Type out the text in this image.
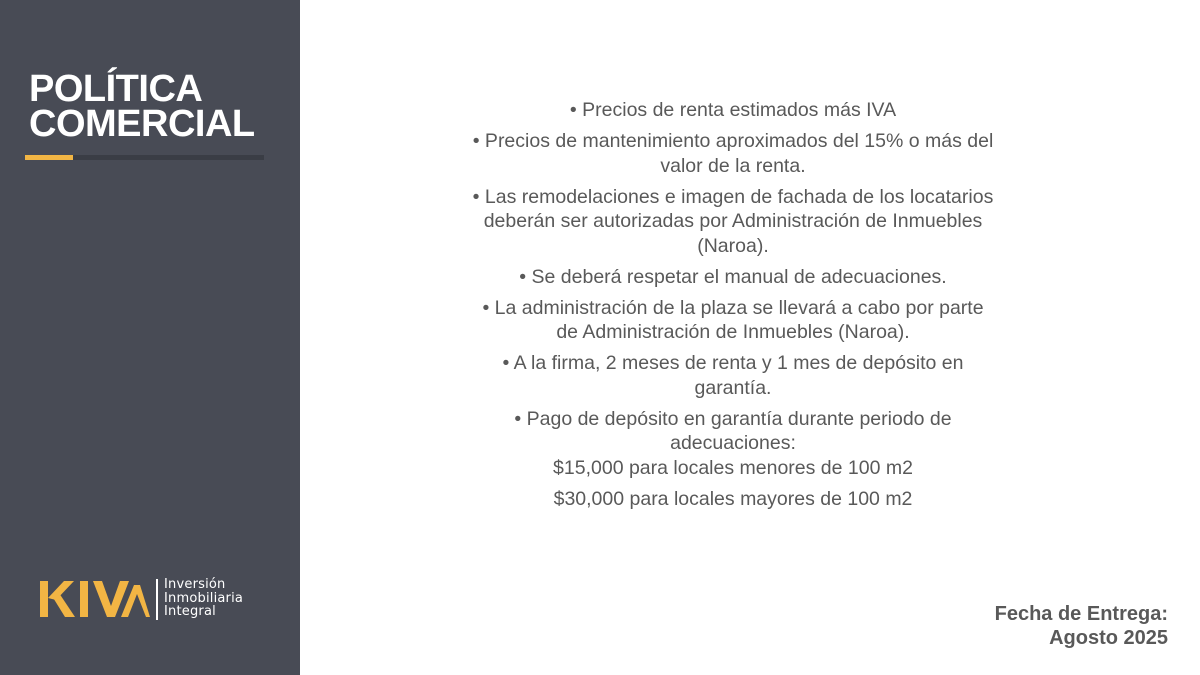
POLÍTICA
COMERCIAL
Inversión
Inmobiliaria
Integral

• Precios de renta estimados más IVA

• Precios de mantenimiento aproximados del 15% o más del valor de la renta.

• Las remodelaciones e imagen de fachada de los locatarios deberán ser autorizadas por Administración de Inmuebles (Naroa).

• Se deberá respetar el manual de adecuaciones.

• La administración de la plaza se llevará a cabo por parte de Administración de Inmuebles (Naroa).

• A la firma, 2 meses de renta y 1 mes de depósito en garantía.

• Pago de depósito en garantía durante periodo de adecuaciones:
$15,000 para locales menores de 100 m2

$30,000 para locales mayores de 100 m2

Fecha de Entrega:
Agosto 2025
